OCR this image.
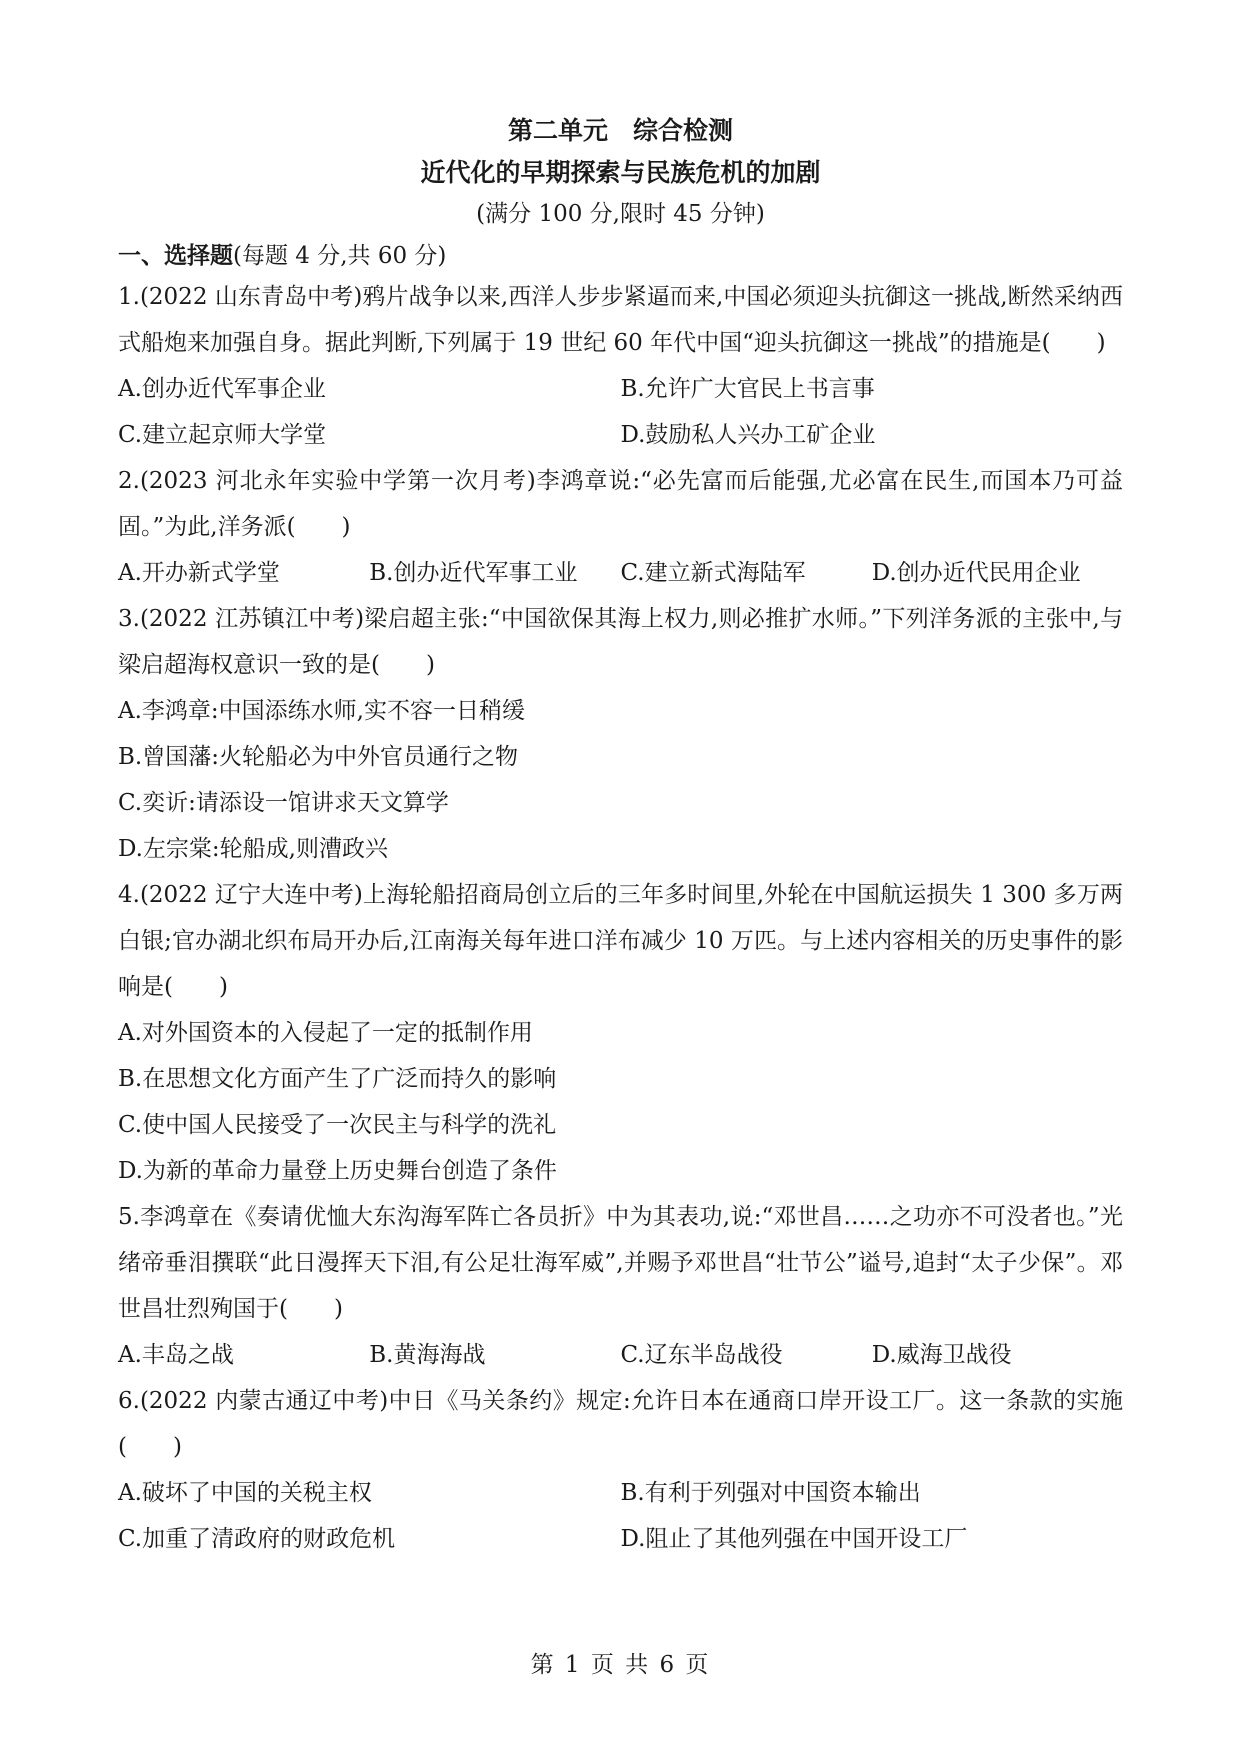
第二单元　综合检测

近代化的早期探索与民族危机的加剧

(满分 100 分,限时 45 分钟)

一、选择题(每题 4 分,共 60 分)

1.(2022 山东青岛中考)鸦片战争以来,西洋人步步紧逼而来,中国必须迎头抗御这一挑战,断然采纳西式船炮来加强自身。据此判断,下列属于 19 世纪 60 年代中国“迎头抗御这一挑战”的措施是(　　)

A.创办近代军事企业	B.允许广大官民上书言事
C.建立起京师大学堂	D.鼓励私人兴办工矿企业

2.(2023 河北永年实验中学第一次月考)李鸿章说:“必先富而后能强,尤必富在民生,而国本乃可益固。”为此,洋务派(　　)

A.开办新式学堂	B.创办近代军事工业	C.建立新式海陆军	D.创办近代民用企业

3.(2022 江苏镇江中考)梁启超主张:“中国欲保其海上权力,则必推扩水师。”下列洋务派的主张中,与梁启超海权意识一致的是(　　)

A.李鸿章:中国添练水师,实不容一日稍缓
B.曾国藩:火轮船必为中外官员通行之物
C.奕䜣:请添设一馆讲求天文算学
D.左宗棠:轮船成,则漕政兴

4.(2022 辽宁大连中考)上海轮船招商局创立后的三年多时间里,外轮在中国航运损失 1 300 多万两白银;官办湖北织布局开办后,江南海关每年进口洋布减少 10 万匹。与上述内容相关的历史事件的影响是(　　)

A.对外国资本的入侵起了一定的抵制作用
B.在思想文化方面产生了广泛而持久的影响
C.使中国人民接受了一次民主与科学的洗礼
D.为新的革命力量登上历史舞台创造了条件

5.李鸿章在《奏请优恤大东沟海军阵亡各员折》中为其表功,说:“邓世昌……之功亦不可没者也。”光绪帝垂泪撰联“此日漫挥天下泪,有公足壮海军威”,并赐予邓世昌“壮节公”谥号,追封“太子少保”。邓世昌壮烈殉国于(　　)

A.丰岛之战	B.黄海海战	C.辽东半岛战役	D.威海卫战役

6.(2022 内蒙古通辽中考)中日《马关条约》规定:允许日本在通商口岸开设工厂。这一条款的实施(　　)

A.破坏了中国的关税主权	B.有利于列强对中国资本输出
C.加重了清政府的财政危机	D.阻止了其他列强在中国开设工厂
第 1 页 共 6 页
